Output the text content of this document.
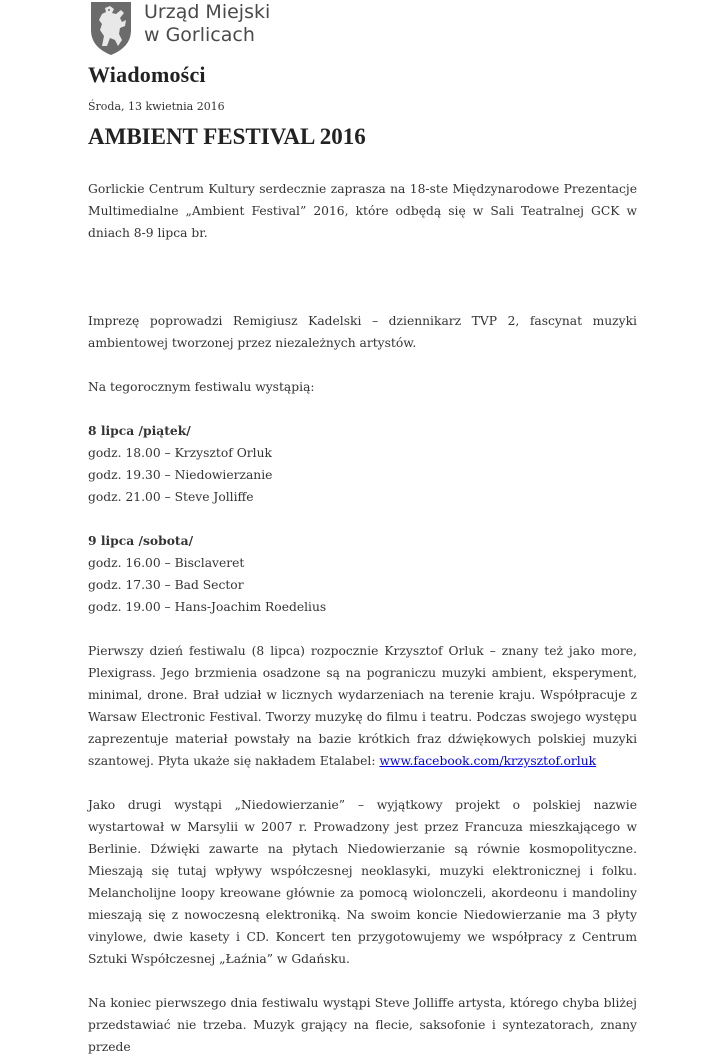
Urząd Miejski
w Gorlicach
Wiadomości
Środa, 13 kwietnia 2016
AMBIENT FESTIVAL 2016

Gorlickie Centrum Kultury serdecznie zaprasza na 18-ste Międzynarodowe Prezentacje Multimedialne „Ambient Festival” 2016, które odbędą się w Sali Teatralnej GCK w dniach 8-9 lipca br.

Imprezę poprowadzi Remigiusz Kadelski – dziennikarz TVP 2, fascynat muzyki ambientowej tworzonej przez niezależnych artystów.

Na tegorocznym festiwalu wystąpią:

8 lipca /piątek/

godz. 18.00 – Krzysztof Orluk

godz. 19.30 – Niedowierzanie

godz. 21.00 – Steve Jolliffe

9 lipca /sobota/

godz. 16.00 – Bisclaveret

godz. 17.30 – Bad Sector

godz. 19.00 – Hans-Joachim Roedelius

Pierwszy dzień festiwalu (8 lipca) rozpocznie Krzysztof Orluk – znany też jako more, Plexigrass. Jego brzmienia osadzone są na pograniczu muzyki ambient, eksperyment, minimal, drone. Brał udział w licznych wydarzeniach na terenie kraju. Współpracuje z Warsaw Electronic Festival. Tworzy muzykę do filmu i teatru. Podczas swojego występu zaprezentuje materiał powstały na bazie krótkich fraz dźwiękowych polskiej muzyki szantowej. Płyta ukaże się nakładem Etalabel: www.facebook.com/krzysztof.orluk

Jako drugi wystąpi „Niedowierzanie” – wyjątkowy projekt o polskiej nazwie wystartował w Marsylii w 2007 r. Prowadzony jest przez Francuza mieszkającego w Berlinie. Dźwięki zawarte na płytach Niedowierzanie są równie kosmopolityczne. Mieszają się tutaj wpływy współczesnej neoklasyki, muzyki elektronicznej i folku. Melancholijne loopy kreowane głównie za pomocą wiolonczeli, akordeonu i mandoliny mieszają się z nowoczesną elektroniką. Na swoim koncie Niedowierzanie ma 3 płyty vinylowe, dwie kasety i CD. Koncert ten przygotowujemy we współpracy z Centrum Sztuki Współczesnej „Łaźnia” w Gdańsku.

Na koniec pierwszego dnia festiwalu wystąpi Steve Jolliffe artysta, którego chyba bliżej przedstawiać nie trzeba. Muzyk grający na flecie, saksofonie i syntezatorach, znany przede
